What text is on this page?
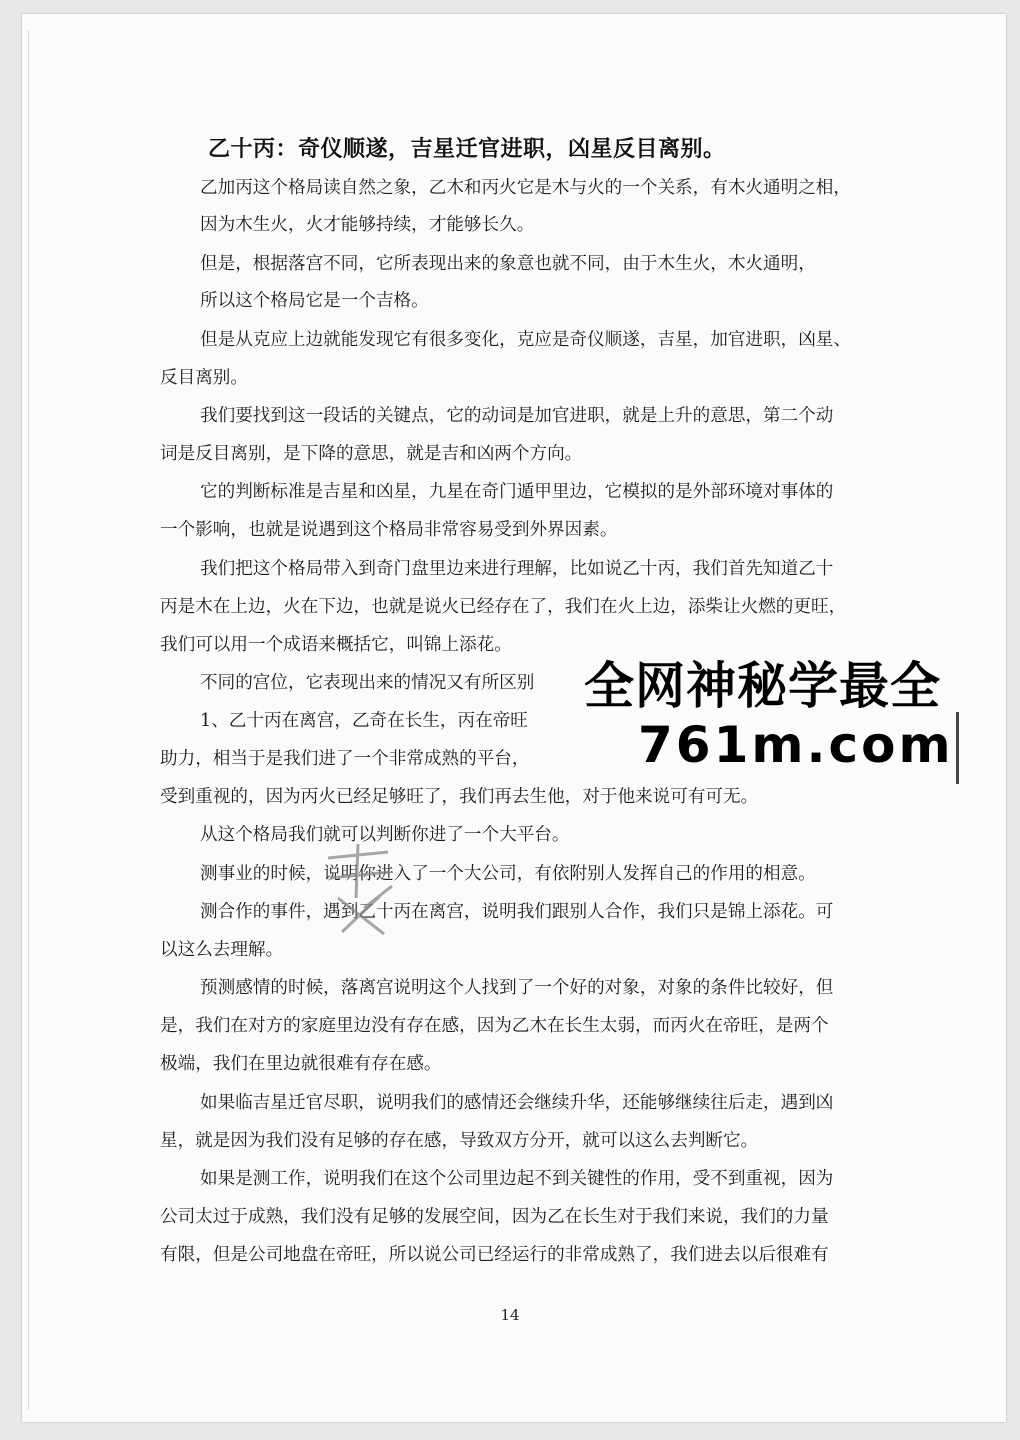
乙十丙：奇仪顺遂，吉星迁官进职，凶星反目离别。
乙加丙这个格局读自然之象，乙木和丙火它是木与火的一个关系，有木火通明之相，
因为木生火，火才能够持续，才能够长久。
但是，根据落宫不同，它所表现出来的象意也就不同，由于木生火，木火通明，
所以这个格局它是一个吉格。
但是从克应上边就能发现它有很多变化，克应是奇仪顺遂，吉星，加官进职，凶星、
反目离别。
我们要找到这一段话的关键点，它的动词是加官进职，就是上升的意思，第二个动
词是反目离别，是下降的意思，就是吉和凶两个方向。
它的判断标准是吉星和凶星，九星在奇门遁甲里边，它模拟的是外部环境对事体的
一个影响，也就是说遇到这个格局非常容易受到外界因素。
我们把这个格局带入到奇门盘里边来进行理解，比如说乙十丙，我们首先知道乙十
丙是木在上边，火在下边，也就是说火已经存在了，我们在火上边，添柴让火燃的更旺，
我们可以用一个成语来概括它，叫锦上添花。
不同的宫位，它表现出来的情况又有所区别
1、乙十丙在离宫，乙奇在长生，丙在帝旺
助力，相当于是我们进了一个非常成熟的平台，
受到重视的，因为丙火已经足够旺了，我们再去生他，对于他来说可有可无。
从这个格局我们就可以判断你进了一个大平台。
测事业的时候，说明你进入了一个大公司，有依附别人发挥自己的作用的相意。
测合作的事件，遇到乙十丙在离宫，说明我们跟别人合作，我们只是锦上添花。可
以这么去理解。
预测感情的时候，落离宫说明这个人找到了一个好的对象，对象的条件比较好，但
是，我们在对方的家庭里边没有存在感，因为乙木在长生太弱，而丙火在帝旺，是两个
极端，我们在里边就很难有存在感。
如果临吉星迁官尽职，说明我们的感情还会继续升华，还能够继续往后走，遇到凶
星，就是因为我们没有足够的存在感，导致双方分开，就可以这么去判断它。
如果是测工作，说明我们在这个公司里边起不到关键性的作用，受不到重视，因为
公司太过于成熟，我们没有足够的发展空间，因为乙在长生对于我们来说，我们的力量
有限，但是公司地盘在帝旺，所以说公司已经运行的非常成熟了，我们进去以后很难有
全网神秘学最全
761m.com
14
